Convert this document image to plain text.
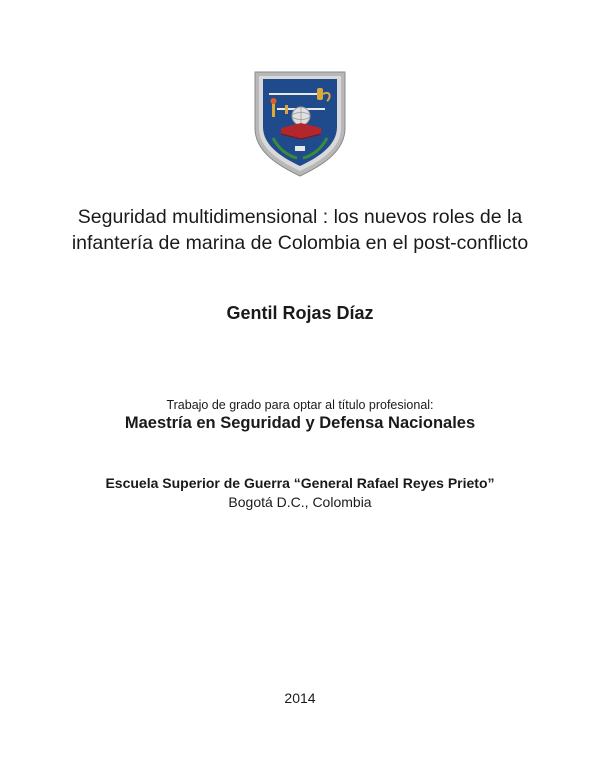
Seguridad multidimensional : los nuevos roles de la infantería de marina de Colombia en el post-conflicto
Gentil Rojas Díaz
Trabajo de grado para optar al título profesional:
Maestría en Seguridad y Defensa Nacionales
Escuela Superior de Guerra “General Rafael Reyes Prieto”
Bogotá D.C., Colombia
2014
